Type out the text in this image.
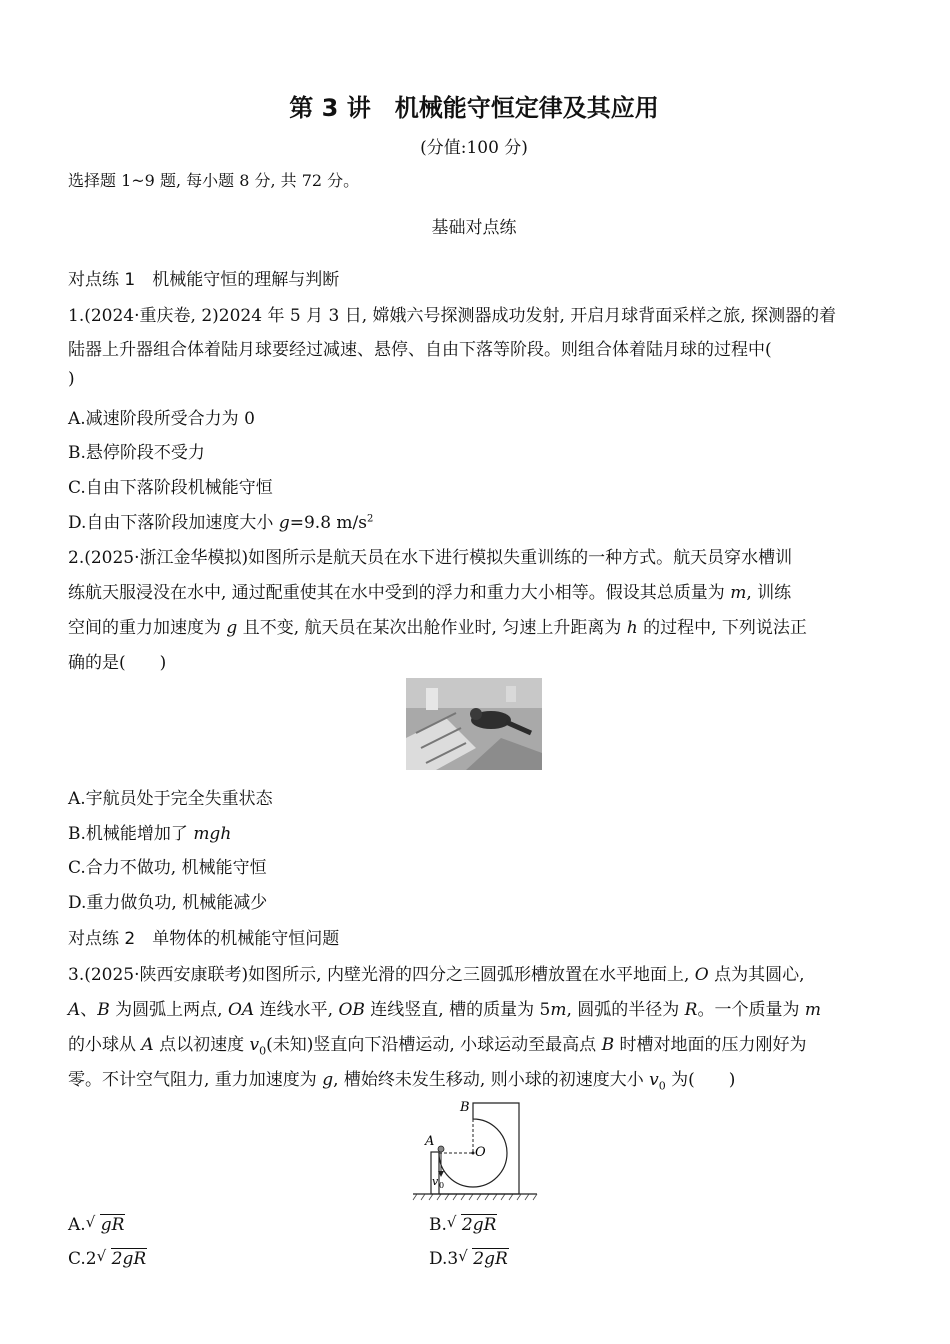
第 3 讲　机械能守恒定律及其应用
(分值:100 分)
选择题 1~9 题, 每小题 8 分, 共 72 分。
基础对点练
对点练 1　机械能守恒的理解与判断
1.(2024·重庆卷, 2)2024 年 5 月 3 日, 嫦娥六号探测器成功发射, 开启月球背面采样之旅, 探测器的着
陆器上升器组合体着陆月球要经过减速、悬停、自由下落等阶段。则组合体着陆月球的过程中(
)
A.减速阶段所受合力为 0
B.悬停阶段不受力
C.自由下落阶段机械能守恒
D.自由下落阶段加速度大小 g=9.8 $m/s^2$
2.(2025·浙江金华模拟)如图所示是航天员在水下进行模拟失重训练的一种方式。航天员穿水槽训
练航天服浸没在水中, 通过配重使其在水中受到的浮力和重力大小相等。假设其总质量为 m, 训练
空间的重力加速度为 g 且不变, 航天员在某次出舱作业时, 匀速上升距离为 h 的过程中, 下列说法正
确的是(　　)
A.宇航员处于完全失重状态
B.机械能增加了 mgh
C.合力不做功, 机械能守恒
D.重力做负功, 机械能减少
对点练 2　单物体的机械能守恒问题
3.(2025·陕西安康联考)如图所示, 内壁光滑的四分之三圆弧形槽放置在水平地面上, O 点为其圆心,
A、B 为圆弧上两点, OA 连线水平, OB 连线竖直, 槽的质量为 5m, 圆弧的半径为 R。一个质量为 m
的小球从 A 点以初速度 $v_0$(未知)竖直向下沿槽运动, 小球运动至最高点 B 时槽对地面的压力刚好为
零。不计空气阻力, 重力加速度为 g, 槽始终未发生移动, 则小球的初速度大小 $v_0$ 为(　　)
B
A
O
v 0
A. √ gR	B. √ 2gR
C.2 √ 2gR	D.3 √ 2gR
